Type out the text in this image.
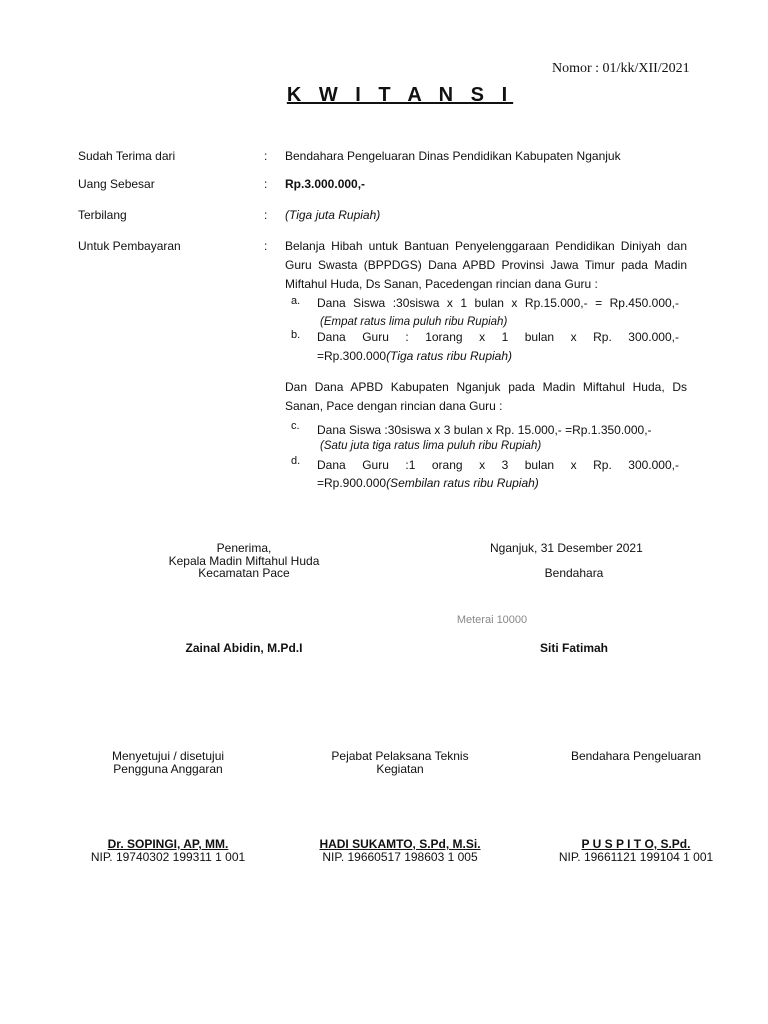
Nomor : 01/kk/XII/2021
K W I T A N S I
Sudah Terima dari	: Bendahara Pengeluaran Dinas Pendidikan Kabupaten Nganjuk
Uang Sebesar	: Rp.3.000.000,-
Terbilang	: (Tiga juta Rupiah)
Untuk Pembayaran	: Belanja Hibah untuk Bantuan Penyelenggaraan Pendidikan Diniyah dan
Guru Swasta (BPPDGS) Dana APBD Provinsi Jawa Timur pada Madin
Miftahul Huda, Ds Sanan, Pacedengan rincian dana Guru :
a. Dana Siswa :30siswa x 1 bulan x Rp.15.000,- = Rp.450.000,-
(Empat ratus lima puluh ribu Rupiah)
b. Dana Guru : 1orang x 1 bulan x Rp. 300.000,-
=Rp.300.000(Tiga ratus ribu Rupiah)
Dan Dana APBD Kabupaten Nganjuk pada Madin Miftahul Huda, Ds
Sanan, Pace dengan rincian dana Guru :
c. Dana Siswa :30siswa x 3 bulan x Rp. 15.000,- =Rp.1.350.000,-
(Satu juta tiga ratus lima puluh ribu Rupiah)
d. Dana Guru :1 orang x 3 bulan x Rp. 300.000,-
=Rp.900.000(Sembilan ratus ribu Rupiah)
Penerima,
Kepala Madin Miftahul Huda
Kecamatan Pace
Zainal Abidin, M.Pd.I
Nganjuk, 31 Desember 2021
Bendahara
Meterai 10000
Siti Fatimah
Menyetujui / disetujui
Pengguna Anggaran
Dr. SOPINGI, AP, MM.
NIP. 19740302 199311 1 001
Pejabat Pelaksana Teknis
Kegiatan
HADI SUKAMTO, S.Pd, M.Si.
NIP. 19660517 198603 1 005
Bendahara Pengeluaran
P U S P I T O, S.Pd.
NIP. 19661121 199104 1 001
